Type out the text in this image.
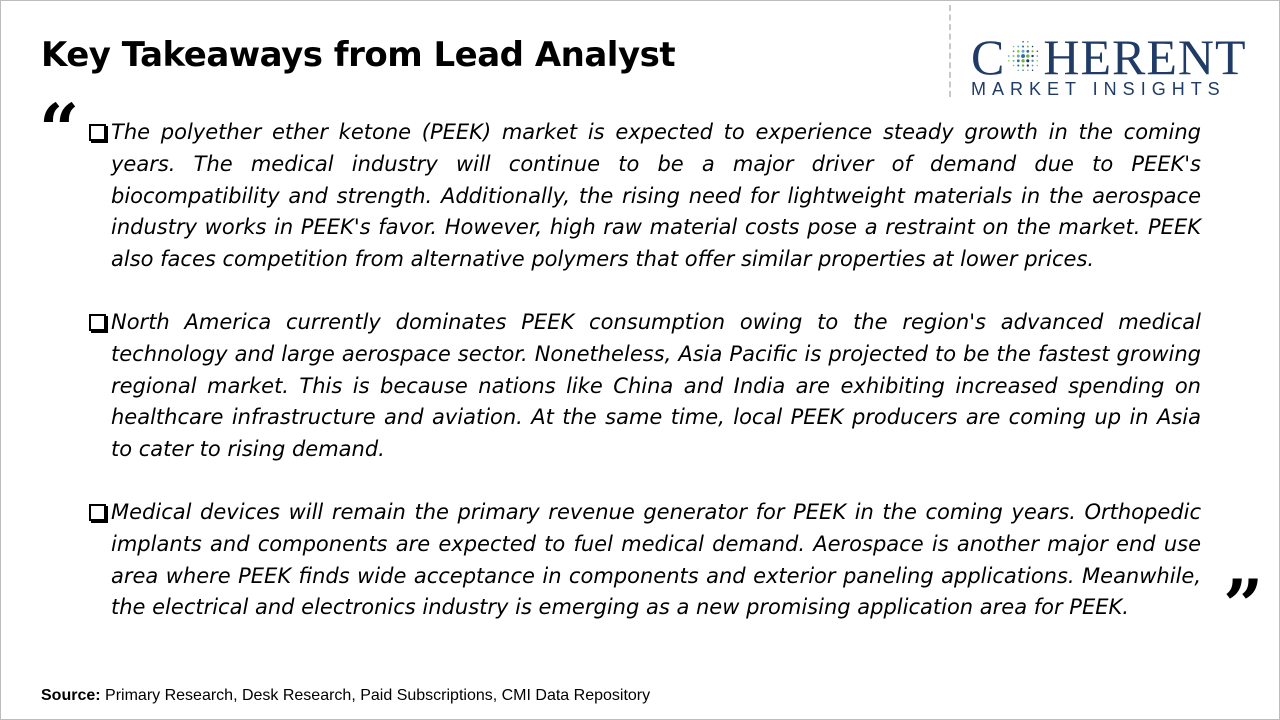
Key Takeaways from Lead Analyst	C HERENT
MARKET INSIGHTS
“	The polyether ether ketone (PEEK) market is expected to experience steady growth in the coming years. The medical industry will continue to be a major driver of demand due to PEEK's biocompatibility and strength. Additionally, the rising need for lightweight materials in the aerospace industry works in PEEK's favor. However, high raw material costs pose a restraint on the market. PEEK also faces competition from alternative polymers that offer similar properties at lower prices.
North America currently dominates PEEK consumption owing to the region's advanced medical technology and large aerospace sector. Nonetheless, Asia Pacific is projected to be the fastest growing regional market. This is because nations like China and India are exhibiting increased spending on healthcare infrastructure and aviation. At the same time, local PEEK producers are coming up in Asia to cater to rising demand.
Medical devices will remain the primary revenue generator for PEEK in the coming years. Orthopedic implants and components are expected to fuel medical demand. Aerospace is another major end use area where PEEK finds wide acceptance in components and exterior paneling applications. Meanwhile, the electrical and electronics industry is emerging as a new promising application area for PEEK.	”
Source: Primary Research, Desk Research, Paid Subscriptions, CMI Data Repository
